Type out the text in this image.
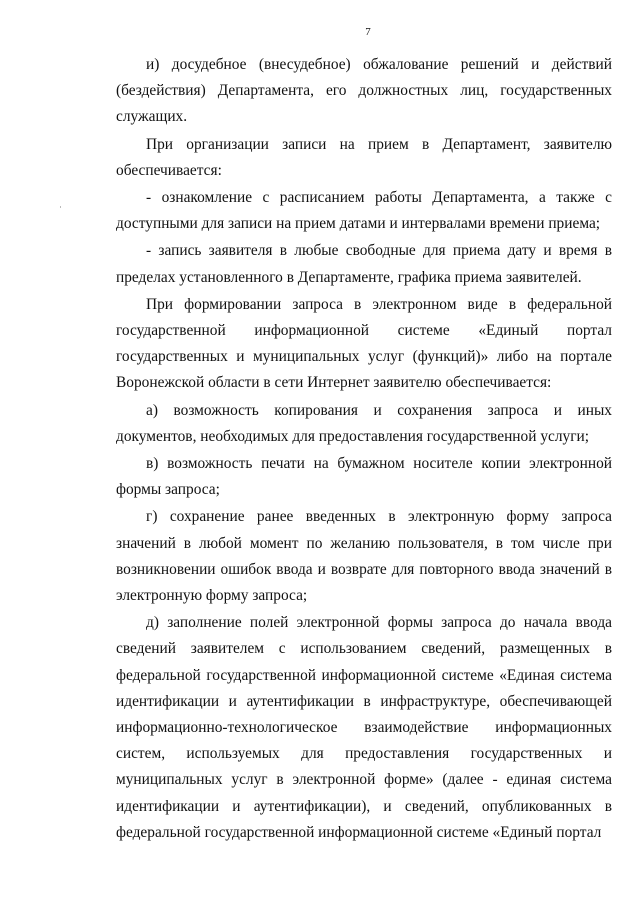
7

и) досудебное (внесудебное) обжалование решений и действий (бездействия) Департамента, его должностных лиц, государственных служащих.

При организации записи на прием в Департамент, заявителю обеспечивается:

- ознакомление с расписанием работы Департамента, а также с доступными для записи на прием датами и интервалами времени приема;

- запись заявителя в любые свободные для приема дату и время в пределах установленного в Департаменте, графика приема заявителей.

При формировании запроса в электронном виде в федеральной государственной информационной системе «Единый портал государственных и муниципальных услуг (функций)» либо на портале Воронежской области в сети Интернет заявителю обеспечивается:

а) возможность копирования и сохранения запроса и иных документов, необходимых для предоставления государственной услуги;

в) возможность печати на бумажном носителе копии электронной формы запроса;

г) сохранение ранее введенных в электронную форму запроса значений в любой момент по желанию пользователя, в том числе при возникновении ошибок ввода и возврате для повторного ввода значений в электронную форму запроса;

д) заполнение полей электронной формы запроса до начала ввода сведений заявителем с использованием сведений, размещенных в федеральной государственной информационной системе «Единая система идентификации и аутентификации в инфраструктуре, обеспечивающей информационно-технологическое взаимодействие информационных систем, используемых для предоставления государственных и муниципальных услуг в электронной форме» (далее - единая система идентификации и аутентификации), и сведений, опубликованных в федеральной государственной информационной системе «Единый портал
